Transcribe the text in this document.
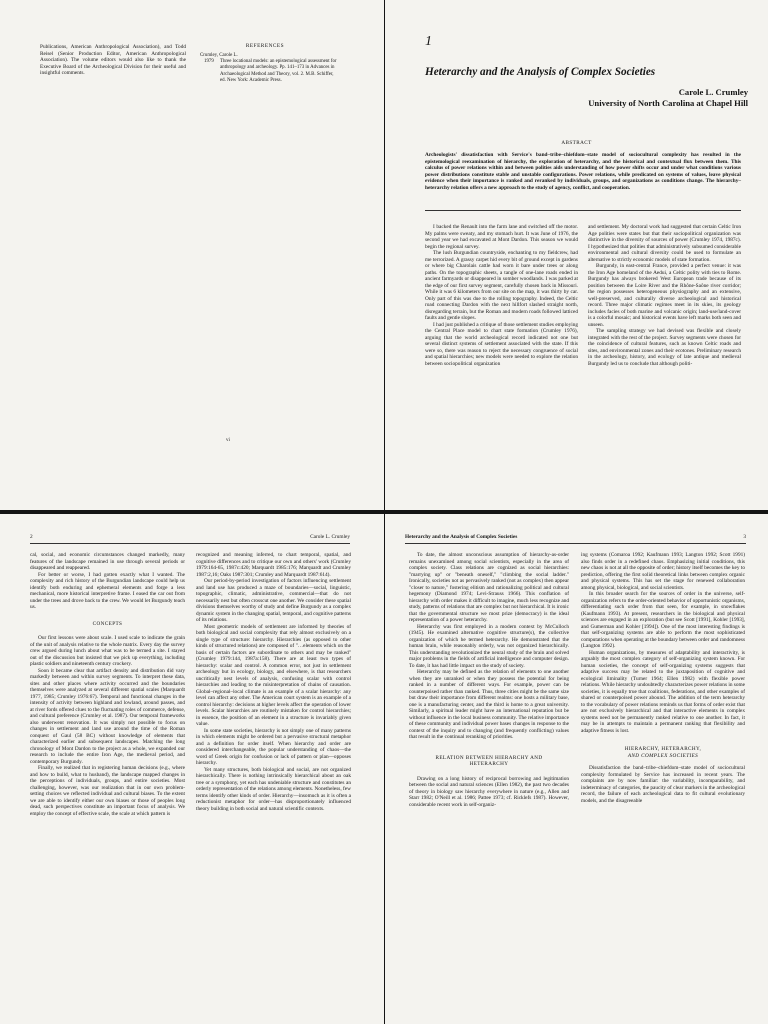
Publications, American Anthropological Association), and Todd Reisel (Senior Production Editor, American Anthropological Association). The volume editors would also like to thank the Executive Board of the Archeological Division for their useful and insightful comments.
REFERENCES
Crumley, Carole L.
1979	Three locational models: an epistemological assessment for anthropology and archeology. Pp. 141–173 in Advances in Archaeological Method and Theory, vol. 2. M.B. Schiffer, ed. New York: Academic Press.
vi
1
Heterarchy and the Analysis of Complex Societies
Carole L. Crumley
University of North Carolina at Chapel Hill
ABSTRACT
Archeologists' dissatisfaction with Service's band–tribe–chiefdom–state model of sociocultural complexity has resulted in the epistemological reexamination of hierarchy, the exploration of heterarchy, and the historical and contextual flux between them. This calculus of power relations within and between polities aids understanding of how power shifts occur and under what conditions various power distributions constitute stable and unstable configurations. Power relations, while predicated on systems of values, leave physical evidence when their importance is ranked and reranked by individuals, groups, and organizations as conditions change. The hierarchy–heterarchy relation offers a new approach to the study of agency, conflict, and cooperation.

I backed the Renault into the farm lane and switched off the motor. My palms were sweaty, and my stomach hurt. It was June of 1976, the second year we had excavated at Mont Dardon. This season we would begin the regional survey.

The lush Burgundian countryside, enchanting to my fieldcrew, had me terrorized. A grassy carpet hid every bit of ground except in gardens or where big Charolais cattle had worn it bare under trees or along paths. On the topographic sheets, a tangle of one-lane roads ended in ancient farmyards or disappeared in somber woodlands. I was parked at the edge of our first survey segment, carefully chosen back in Missouri. While it was 6 kilometers from our site on the map, it was thirty by car. Only part of this was due to the rolling topography. Indeed, the Celtic road connecting Dardon with the next hillfort slashed straight north, disregarding terrain, but the Roman and modern roads followed latticed faults and gentle slopes.

I had just published a critique of those settlement studies employing the Central Place model to chart state formation (Crumley 1976), arguing that the world archeological record indicated not one but several distinct systems of settlement associated with the state. If this were so, there was reason to reject the necessary congruence of social and spatial hierarchies; new models were needed to explore the relation between sociopolitical organization

and settlement. My doctoral work had suggested that certain Celtic Iron Age polities were states but that their sociopolitical organization was distinctive in the diversity of sources of power (Crumley 1974, 1987c). I hypothesized that polities that administratively subsumed considerable environmental and cultural diversity could be used to formulate an alternative to strictly economic models of state formation.

Burgundy, in east-central France, provided a perfect venue: it was the Iron Age homeland of the Aedui, a Celtic polity with ties to Rome. Burgundy has always brokered West European trade because of its position between the Loire River and the Rhône-Saône river corridor; the region possesses heterogeneous physiography and an extensive, well-preserved, and culturally diverse archeological and historical record. Three major climatic regimes meet in its skies, its geology includes facies of both marine and volcanic origin; land-use/land-cover is a colorful mosaic; and historical events have left marks both seen and unseen.

The sampling strategy we had devised was flexible and closely integrated with the rest of the project. Survey segments were chosen for the coincidence of cultural features, such as known Celtic roads and sites, and environmental zones and their ecotones. Preliminary research in the archeology, history, and ecology of late antique and medieval Burgundy led us to conclude that although politi-

2	Carole L. Crumley

cal, social, and economic circumstances changed markedly, many features of the landscape remained in use through several periods or disappeared and reappeared.

For better or worse, I had gotten exactly what I wanted. The complexity and rich history of the Burgundian landscape could help us identify both enduring and ephemeral elements and forge a less mechanical, more historical interpretive frame. I eased the car out from under the trees and drove back to the crew. We would let Burgundy teach us.

CONCEPTS

Our first lessons were about scale. I used scale to indicate the grain of the unit of analysis relative to the whole matrix. Every day the survey crew argued during lunch about what was to be termed a site. I stayed out of the discussion but insisted that we pick up everything, including plastic soldiers and nineteenth century crockery.

Soon it became clear that artifact density and distribution did vary markedly between and within survey segments. To interpret these data, sites and other places where activity occurred and the boundaries themselves were analyzed at several different spatial scales (Marquardt 1977, 1985; Crumley 1976:67). Temporal and functional changes in the intensity of activity between highland and lowland, around passes, and at river fords offered clues to the fluctuating roles of commerce, defense, and cultural preference (Crumley et al. 1987). Our temporal frameworks also underwent renovation. It was simply not possible to focus on changes in settlement and land use around the time of the Roman conquest of Gaul (58 BC) without knowledge of elements that characterized earlier and subsequent landscapes. Matching the long chronology of Mont Dardon to the project as a whole, we expanded our research to include the entire Iron Age, the medieval period, and contemporary Burgundy.

Finally, we realized that in registering human decisions (e.g., where and how to build, what to husband), the landscape mapped changes in the perceptions of individuals, groups, and entire societies. Most challenging, however, was our realization that in our own problem-setting choices we reflected individual and cultural biases. To the extent we are able to identify either our own biases or those of peoples long dead, such perspectives constitute an important focus of analysis. We employ the concept of effective scale, the scale at which pattern is

recognized and meaning inferred, to chart temporal, spatial, and cognitive differences and to critique our own and others' work (Crumley 1979:164-65, 1987c:420; Marquardt 1985:176; Marquardt and Crumley 1987:2,16; Oaks 1987:301; Crumley and Marquardt 1987:614).

Our period-by-period investigation of factors influencing settlement and land use has produced a maze of boundaries—social, linguistic, topographic, climatic, administrative, commercial—that do not necessarily nest but often crosscut one another. We consider these spatial divisions themselves worthy of study and define Burgundy as a complex dynamic system in the changing spatial, temporal, and cognitive patterns of its relations.

Most geometric models of settlement are informed by theories of both biological and social complexity that rely almost exclusively on a single type of structure: hierarchy. Hierarchies (as opposed to other kinds of structured relations) are composed of "…elements which on the basis of certain factors are subordinate to others and may be ranked" (Crumley 1979:144, 1987a:158). There are at least two types of hierarchy: scalar and control. A common error, not just in settlement archeology but in ecology, biology, and elsewhere, is that researchers uncritically nest levels of analysis, confusing scalar with control hierarchies and leading to the misinterpretation of chains of causation. Global–regional–local climate is an example of a scalar hierarchy: any level can affect any other. The American court system is an example of a control hierarchy: decisions at higher levels affect the operation of lower levels. Scalar hierarchies are routinely mistaken for control hierarchies; in essence, the position of an element in a structure is invariably given value.

In some state societies, hierarchy is not simply one of many patterns in which elements might be ordered but a pervasive structural metaphor and a definition for order itself. When hierarchy and order are considered interchangeable, the popular understanding of chaos—the word of Greek origin for confusion or lack of pattern or plan—opposes hierarchy.

Yet many structures, both biological and social, are not organized hierarchically. There is nothing intrinsically hierarchical about an oak tree or a symphony, yet each has undeniable structure and constitutes an orderly representation of the relations among elements. Nonetheless, few terms identify other kinds of order. Hierarchy—insomuch as it is often a reductionist metaphor for order—has disproportionately influenced theory building in both social and natural scientific contexts.

Heterarchy and the Analysis of Complex Societies	3

To date, the almost unconscious assumption of hierarchy-as-order remains unexamined among social scientists, especially in the area of complex society. Class relations are cognized as social hierarchies: "marrying up" or "beneath oneself," "climbing the social ladder." Ironically, societies not as pervasively ranked (not as complex) then appear "closer to nature," fostering elitism and rationalizing political and cultural hegemony (Diamond 1974; Levi-Strauss 1966). This conflation of hierarchy with order makes it difficult to imagine, much less recognize and study, patterns of relations that are complex but not hierarchical. It is ironic that the governmental structure we most prize (democracy) is the ideal representation of a power heterarchy.

Heterarchy was first employed in a modern context by McCulloch (1945). He examined alternative cognitive structure(s), the collective organization of which he termed heterarchy. He demonstrated that the human brain, while reasonably orderly, was not organized hierarchically. This understanding revolutionized the neural study of the brain and solved major problems in the fields of artificial intelligence and computer design. To date, it has had little impact on the study of society.

Heterarchy may be defined as the relation of elements to one another when they are unranked or when they possess the potential for being ranked in a number of different ways. For example, power can be counterpoised rather than ranked. Thus, three cities might be the same size but draw their importance from different realms: one hosts a military base, one is a manufacturing center, and the third is home to a great university. Similarly, a spiritual leader might have an international reputation but be without influence in the local business community. The relative importance of these community and individual power bases changes in response to the context of the inquiry and to changing (and frequently conflicting) values that result in the continual reranking of priorities.

RELATION BETWEEN HIERARCHY AND HETERARCHY

Drawing on a long history of reciprocal borrowing and legitimation between the social and natural sciences (Ellen 1982), the past two decades of theory in biology saw hierarchy everywhere in nature (e.g., Allen and Starr 1982; O'Neill et al. 1986; Pattee 1973; cf. Ricklefs 1987). However, considerable recent work in self-organiz-

ing systems (Comaroa 1992; Kaufmann 1993; Langton 1992; Scott 1991) also finds order in a redefined chaos. Emphasizing initial conditions, this new chaos is not at all the opposite of order; history itself becomes the key to prediction, offering the first solid theoretical links between complex organic and physical systems. This has set the stage for renewed collaboration among physical, biological, and social scientists.

In this broader search for the sources of order in the universe, self-organization refers to the order-oriented behavior of opportunistic organisms, differentiating such order from that seen, for example, in snowflakes (Kaufmann 1993). At present, researchers in the biological and physical sciences are engaged in an exploration (but see Scott [1991], Kohler [1993], and Gumerman and Kohler [1994]). One of the most interesting findings is that self-organizing systems are able to perform the most sophisticated computations when operating at the boundary between order and randomness (Langton 1992).

Human organizations, by measures of adaptability and interactivity, is arguably the most complex category of self-organizing system known. For human societies, the concept of self-organizing systems suggests that adaptive success may be related to the juxtaposition of cognitive and ecological liminality (Turner 1964; Ellen 1982) with flexible power relations. While hierarchy undoubtedly characterizes power relations in some societies, it is equally true that coalitions, federations, and other examples of shared or counterpoised power abound. The addition of the term heterarchy to the vocabulary of power relations reminds us that forms of order exist that are not exclusively hierarchical and that interactive elements in complex systems need not be permanently ranked relative to one another. In fact, it may be in attempts to maintain a permanent ranking that flexibility and adaptive fitness is lost.

HIERARCHY, HETERARCHY,
AND COMPLEX SOCIETIES

Dissatisfaction the band–tribe–chiefdom–state model of sociocultural complexity formulated by Service has increased in recent years. The complaints are by now familiar: the variability, incomparability, and indeterminacy of categories, the paucity of clear markers in the archeological record, the failure of each archeological data to fit cultural evolutionary models, and the disagreeable
